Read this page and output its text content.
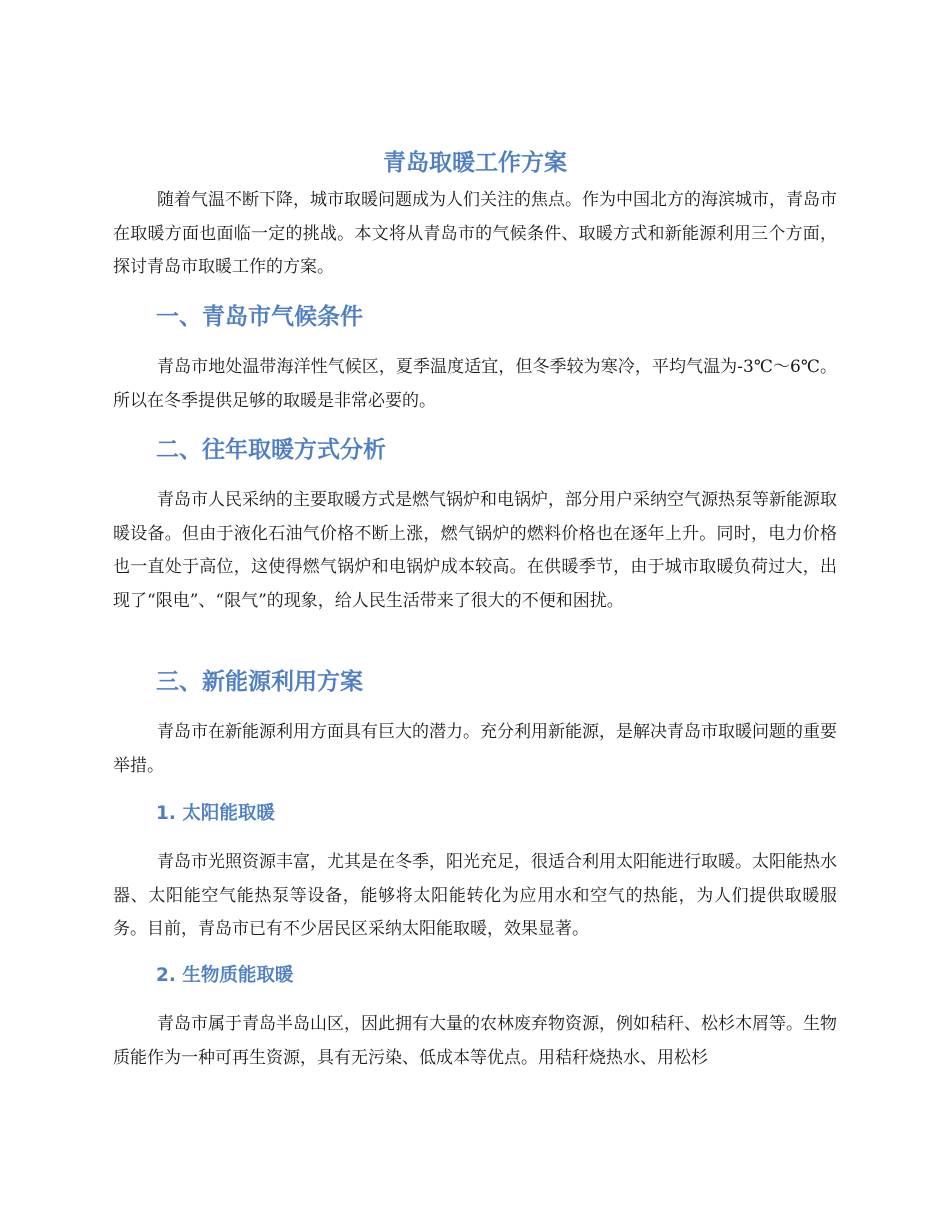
青岛取暖工作方案

随着气温不断下降，城市取暖问题成为人们关注的焦点。作为中国北方的海滨城市，青岛市在取暖方面也面临一定的挑战。本文将从青岛市的气候条件、取暖方式和新能源利用三个方面，探讨青岛市取暖工作的方案。

一、青岛市气候条件

青岛市地处温带海洋性气候区，夏季温度适宜，但冬季较为寒冷，平均气温为-3℃～6℃。所以在冬季提供足够的取暖是非常必要的。

二、往年取暖方式分析

青岛市人民采纳的主要取暖方式是燃气锅炉和电锅炉，部分用户采纳空气源热泵等新能源取暖设备。但由于液化石油气价格不断上涨，燃气锅炉的燃料价格也在逐年上升。同时，电力价格也一直处于高位，这使得燃气锅炉和电锅炉成本较高。在供暖季节，由于城市取暖负荷过大，出现了“限电”、“限气”的现象，给人民生活带来了很大的不便和困扰。

三、新能源利用方案

青岛市在新能源利用方面具有巨大的潜力。充分利用新能源，是解决青岛市取暖问题的重要举措。

1. 太阳能取暖

青岛市光照资源丰富，尤其是在冬季，阳光充足，很适合利用太阳能进行取暖。太阳能热水器、太阳能空气能热泵等设备，能够将太阳能转化为应用水和空气的热能，为人们提供取暖服务。目前，青岛市已有不少居民区采纳太阳能取暖，效果显著。

2. 生物质能取暖

青岛市属于青岛半岛山区，因此拥有大量的农林废弃物资源，例如秸秆、松杉木屑等。生物质能作为一种可再生资源，具有无污染、低成本等优点。用秸秆烧热水、用松杉
